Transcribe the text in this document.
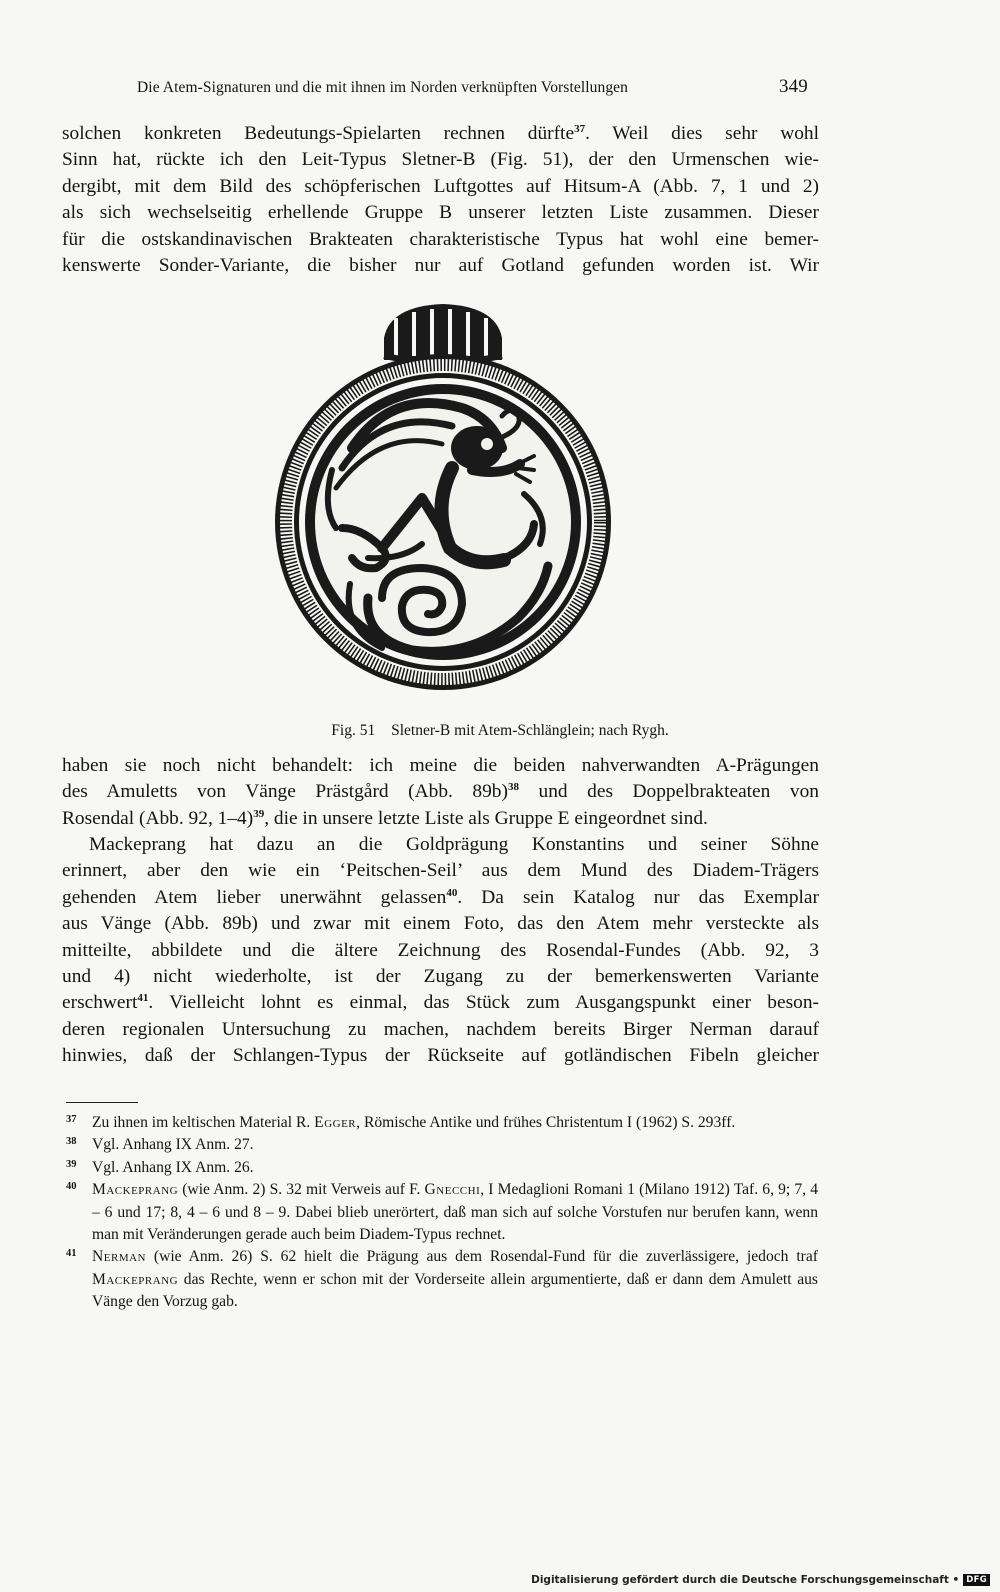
Die Atem-Signaturen und die mit ihnen im Norden verknüpften Vorstellungen	349

solchen konkreten Bedeutungs-Spielarten rechnen dürfte$^{37}$. Weil dies sehr wohl

Sinn hat, rückte ich den Leit-Typus Sletner-B (Fig. 51), der den Urmenschen wie-

dergibt, mit dem Bild des schöpferischen Luftgottes auf Hitsum-A (Abb. 7, 1 und 2)

als sich wechselseitig erhellende Gruppe B unserer letzten Liste zusammen. Dieser

für die ostskandinavischen Brakteaten charakteristische Typus hat wohl eine bemer-

kenswerte Sonder-Variante, die bisher nur auf Gotland gefunden worden ist. Wir

Fig. 51 Sletner-B mit Atem-Schlänglein; nach Rygh.

haben sie noch nicht behandelt: ich meine die beiden nahverwandten A-Prägungen

des Amuletts von Vänge Prästgård (Abb. 89b)$^{38}$ und des Doppelbrakteaten von

Rosendal (Abb. 92, 1–4)$^{39}$, die in unsere letzte Liste als Gruppe E eingeordnet sind.

Mackeprang hat dazu an die Goldprägung Konstantins und seiner Söhne

erinnert, aber den wie ein ‘Peitschen-Seil’ aus dem Mund des Diadem-Trägers

gehenden Atem lieber unerwähnt gelassen$^{40}$. Da sein Katalog nur das Exemplar

aus Vänge (Abb. 89b) und zwar mit einem Foto, das den Atem mehr versteckte als

mitteilte, abbildete und die ältere Zeichnung des Rosendal-Fundes (Abb. 92, 3

und 4) nicht wiederholte, ist der Zugang zu der bemerkenswerten Variante

erschwert$^{41}$. Vielleicht lohnt es einmal, das Stück zum Ausgangspunkt einer beson-

deren regionalen Untersuchung zu machen, nachdem bereits Birger Nerman darauf

hinwies, daß der Schlangen-Typus der Rückseite auf gotländischen Fibeln gleicher

37 Zu ihnen im keltischen Material R. Egger, Römische Antike und frühes Christentum I (1962) S. 293ff.
38 Vgl. Anhang IX Anm. 27.
39 Vgl. Anhang IX Anm. 26.
40 Mackeprang (wie Anm. 2) S. 32 mit Verweis auf F. Gnecchi, I Medaglioni Romani 1 (Milano 1912) Taf. 6, 9; 7, 4 – 6 und 17; 8, 4 – 6 und 8 – 9. Dabei blieb unerörtert, daß man sich auf solche Vorstufen nur berufen kann, wenn man mit Veränderungen gerade auch beim Diadem-Typus rechnet.
41 Nerman (wie Anm. 26) S. 62 hielt die Prägung aus dem Rosendal-Fund für die zuverlässigere, jedoch traf Mackeprang das Rechte, wenn er schon mit der Vorderseite allein argumentierte, daß er dann dem Amulett aus Vänge den Vorzug gab.
Digitalisierung gefördert durch die Deutsche Forschungsgemeinschaft • DFG
